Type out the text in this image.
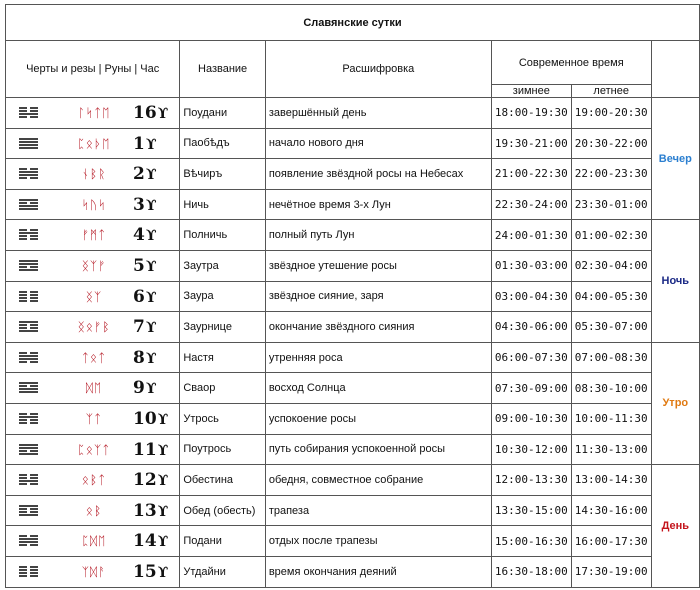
Славянские сутки					
Черты и резы | Руны | Час	Название	Расшифровка	Современное время		
			зимнее	летнее	

ᛚᛋᛏᛖ 16ϒ	Поудани	завершённый день	18:00-19:30	19:00-20:30	Вечер

ᛈᛟᚦᛖ 1ϒ	Паобѣдъ	начало нового дня	19:30-21:00	20:30-22:00	

ᚾᛒᚱ 2ϒ	Вѣчиръ	появление звёздной росы на Небесах	21:00-22:30	22:00-23:30	

ᛋᚢᛋ 3ϒ	Ничь	нечётное время 3-х Лун	22:30-24:00	23:30-01:00	

ᚠᛗᛏ 4ϒ	Полничь	полный путь Лун	24:00-01:30	01:00-02:30	Ночь

ᛝᛉᚠ 5ϒ	Заутра	звёздное утешение росы	01:30-03:00	02:30-04:00	

ᛝᛉ 6ϒ	Заура	звёздное сияние, заря	03:00-04:30	04:00-05:30	

ᛝᛟᚠᛒ 7ϒ	Заурнице	окончание звёздного сияния	04:30-06:00	05:30-07:00	

ᛏᛟᛏ 8ϒ	Настя	утренняя роса	06:00-07:30	07:00-08:30	Утро

ᛞᛖ 9ϒ	Сваор	восход Солнца	07:30-09:00	08:30-10:00	

ᛉᛏ 10ϒ	Утрось	успокоение росы	09:00-10:30	10:00-11:30	

ᛈᛟᛉᛏ 11ϒ	Поутрось	путь собирания успокоенной росы	10:30-12:00	11:30-13:00	

ᛟᛒᛏ 12ϒ	Обестина	обедня, совместное собрание	12:00-13:30	13:00-14:30	День

ᛟᛒ 13ϒ	Обед (обесть)	трапеза	13:30-15:00	14:30-16:00	

ᛈᛞᛖ 14ϒ	Подани	отдых после трапезы	15:00-16:30	16:00-17:30	

ᛉᛞᚨ 15ϒ	Утдайни	время окончания деяний	16:30-18:00	17:30-19:00	
